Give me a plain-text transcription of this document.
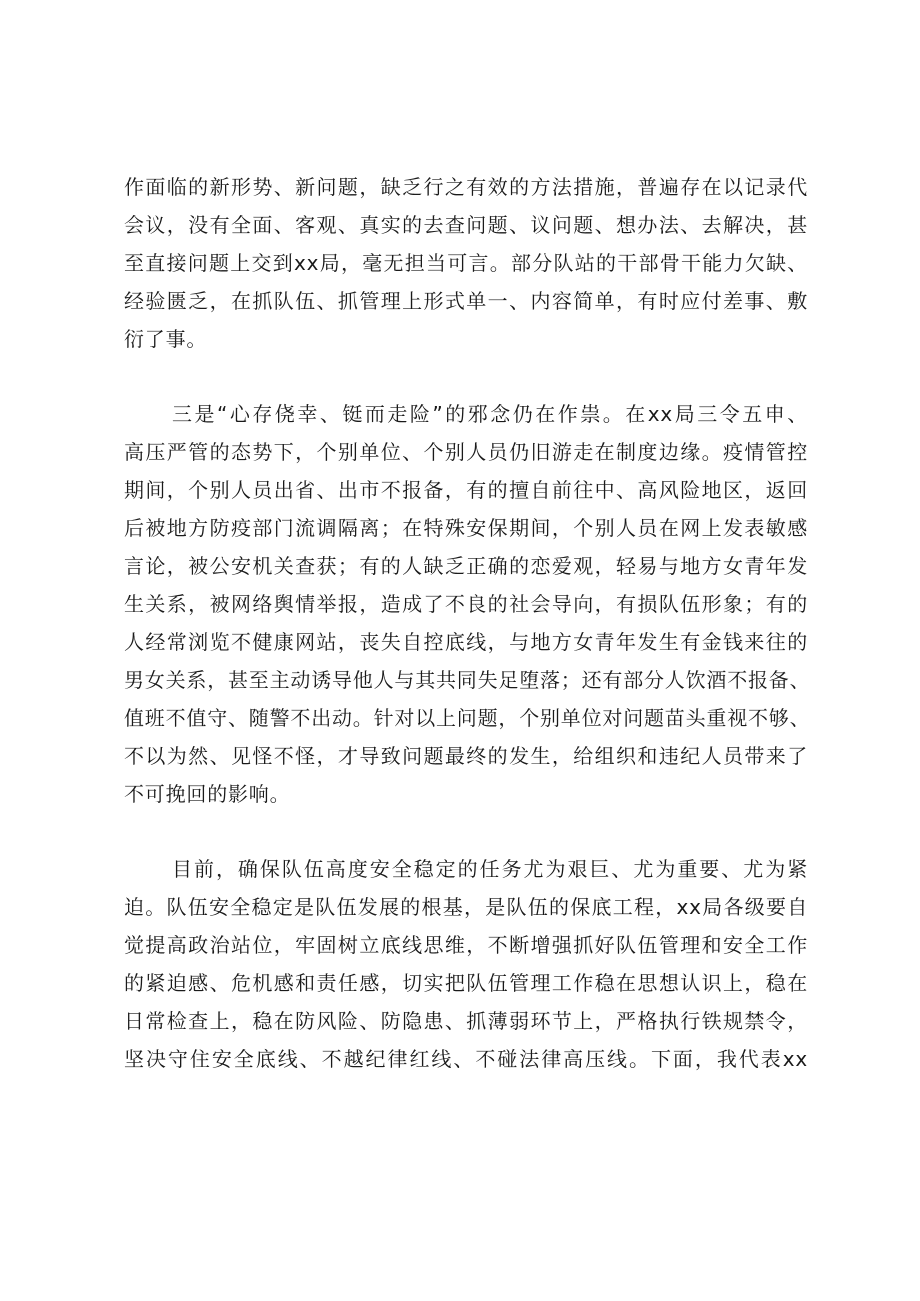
作面临的新形势、新问题，缺乏行之有效的方法措施，普遍存在以记录代
会议，没有全面、客观、真实的去查问题、议问题、想办法、去解决，甚
至直接问题上交到xx局，毫无担当可言。部分队站的干部骨干能力欠缺、
经验匮乏，在抓队伍、抓管理上形式单一、内容简单，有时应付差事、敷
衍了事。
三是“心存侥幸、铤而走险”的邪念仍在作祟。在xx局三令五申、
高压严管的态势下，个别单位、个别人员仍旧游走在制度边缘。疫情管控
期间，个别人员出省、出市不报备，有的擅自前往中、高风险地区，返回
后被地方防疫部门流调隔离；在特殊安保期间，个别人员在网上发表敏感
言论，被公安机关查获；有的人缺乏正确的恋爱观，轻易与地方女青年发
生关系，被网络舆情举报，造成了不良的社会导向，有损队伍形象；有的
人经常浏览不健康网站，丧失自控底线，与地方女青年发生有金钱来往的
男女关系，甚至主动诱导他人与其共同失足堕落；还有部分人饮酒不报备、
值班不值守、随警不出动。针对以上问题，个别单位对问题苗头重视不够、
不以为然、见怪不怪，才导致问题最终的发生，给组织和违纪人员带来了
不可挽回的影响。
目前，确保队伍高度安全稳定的任务尤为艰巨、尤为重要、尤为紧
迫。队伍安全稳定是队伍发展的根基，是队伍的保底工程，xx局各级要自
觉提高政治站位，牢固树立底线思维，不断增强抓好队伍管理和安全工作
的紧迫感、危机感和责任感，切实把队伍管理工作稳在思想认识上，稳在
日常检查上，稳在防风险、防隐患、抓薄弱环节上，严格执行铁规禁令，
坚决守住安全底线、不越纪律红线、不碰法律高压线。下面，我代表xx
